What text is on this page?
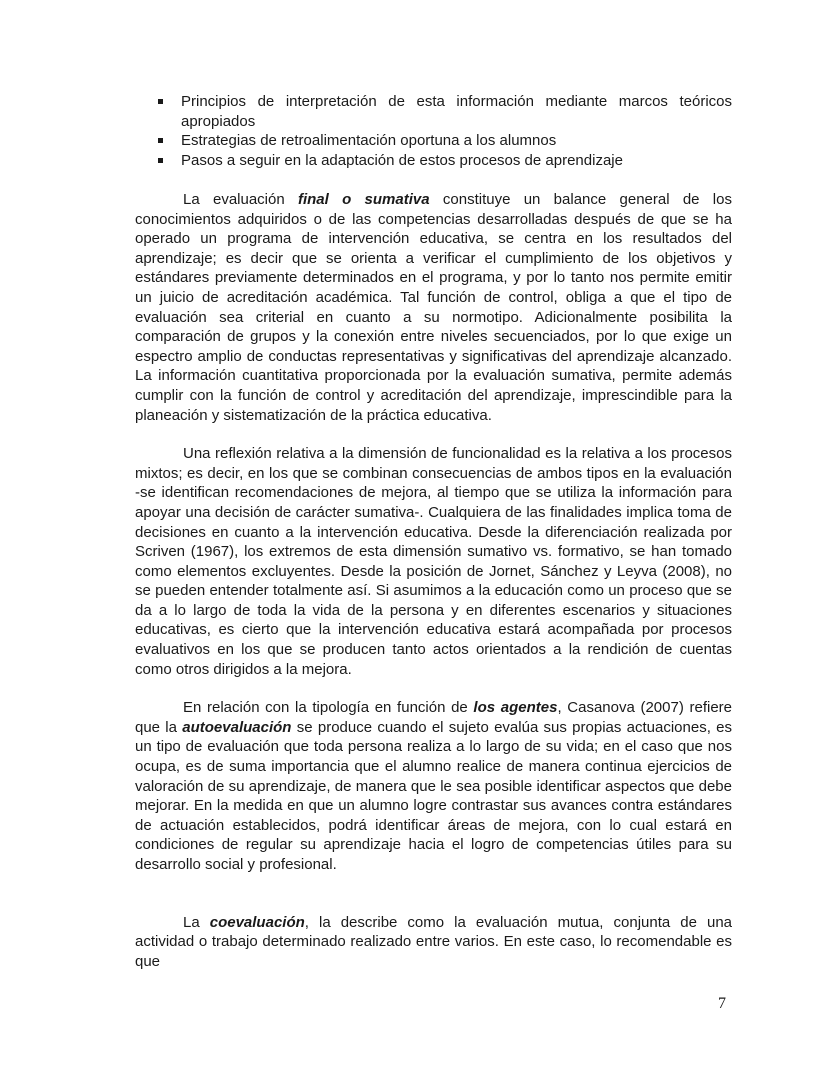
Principios de interpretación de esta información mediante marcos teóricos apropiados
Estrategias de retroalimentación oportuna a los alumnos
Pasos a seguir en la adaptación de estos procesos de aprendizaje

La evaluación final o sumativa constituye un balance general de los conocimientos adquiridos o de las competencias desarrolladas después de que se ha operado un programa de intervención educativa, se centra en los resultados del aprendizaje; es decir que se orienta a verificar el cumplimiento de los objetivos y estándares previamente determinados en el programa, y por lo tanto nos permite emitir un juicio de acreditación académica. Tal función de control, obliga a que el tipo de evaluación sea criterial en cuanto a su normotipo. Adicionalmente posibilita la comparación de grupos y la conexión entre niveles secuenciados, por lo que exige un espectro amplio de conductas representativas y significativas del aprendizaje alcanzado. La información cuantitativa proporcionada por la evaluación sumativa, permite además cumplir con la función de control y acreditación del aprendizaje, imprescindible para la planeación y sistematización de la práctica educativa.

Una reflexión relativa a la dimensión de funcionalidad es la relativa a los procesos mixtos; es decir, en los que se combinan consecuencias de ambos tipos en la evaluación -se identifican recomendaciones de mejora, al tiempo que se utiliza la información para apoyar una decisión de carácter sumativa-. Cualquiera de las finalidades implica toma de decisiones en cuanto a la intervención educativa. Desde la diferenciación realizada por Scriven (1967), los extremos de esta dimensión sumativo vs. formativo, se han tomado como elementos excluyentes. Desde la posición de Jornet, Sánchez y Leyva (2008), no se pueden entender totalmente así. Si asumimos a la educación como un proceso que se da a lo largo de toda la vida de la persona y en diferentes escenarios y situaciones educativas, es cierto que la intervención educativa estará acompañada por procesos evaluativos en los que se producen tanto actos orientados a la rendición de cuentas como otros dirigidos a la mejora.

En relación con la tipología en función de los agentes, Casanova (2007) refiere que la autoevaluación se produce cuando el sujeto evalúa sus propias actuaciones, es un tipo de evaluación que toda persona realiza a lo largo de su vida; en el caso que nos ocupa, es de suma importancia que el alumno realice de manera continua ejercicios de valoración de su aprendizaje, de manera que le sea posible identificar aspectos que debe mejorar. En la medida en que un alumno logre contrastar sus avances contra estándares de actuación establecidos, podrá identificar áreas de mejora, con lo cual estará en condiciones de regular su aprendizaje hacia el logro de competencias útiles para su desarrollo social y profesional.

La coevaluación, la describe como la evaluación mutua, conjunta de una actividad o trabajo determinado realizado entre varios. En este caso, lo recomendable es que

7
